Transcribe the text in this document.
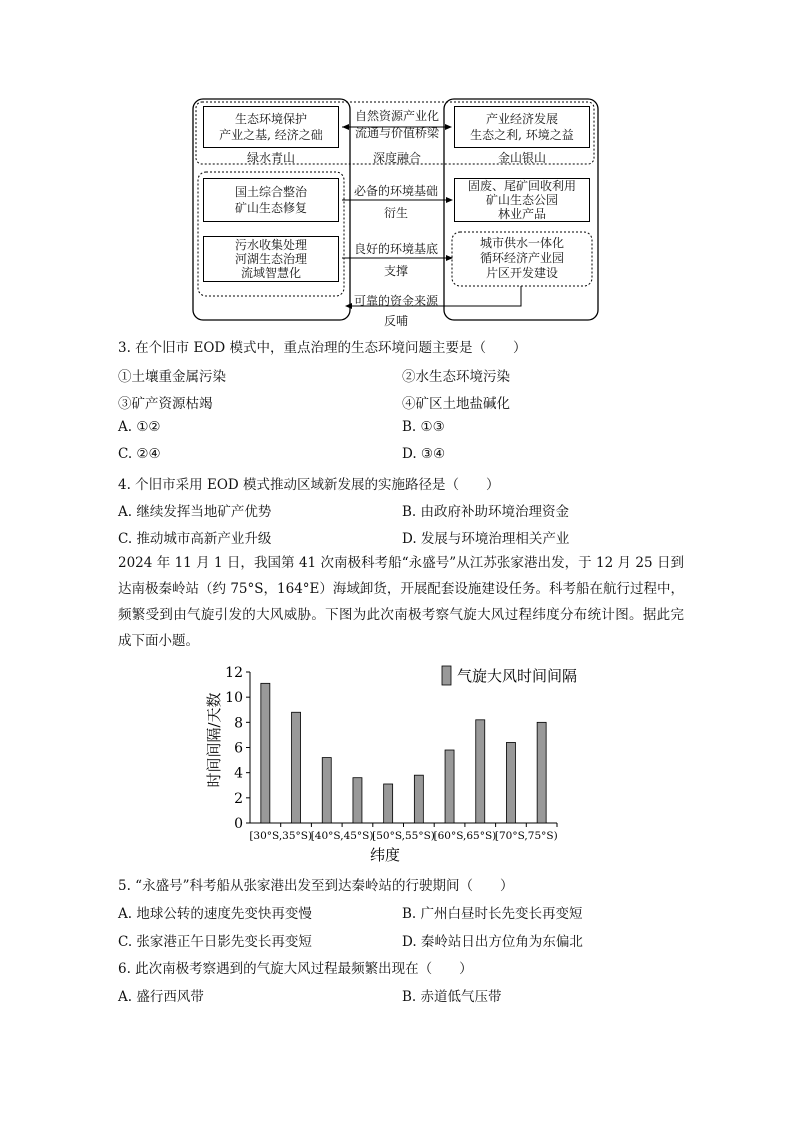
生态环境保护
产业之基, 经济之础
绿水青山
自然资源产业化
流通与价值桥梁
深度融合
产业经济发展
生态之利, 环境之益
金山银山
国土综合整治
矿山生态修复
必备的环境基础
衍生
固废、尾矿回收利用
矿山生态公园
林业产品
污水收集处理
河湖生态治理
流域智慧化
良好的环境基底
支撑
城市供水一体化
循环经济产业园
片区开发建设
可靠的资金来源
反哺
3. 在个旧市 EOD 模式中，重点治理的生态环境问题主要是（　　）
①土壤重金属污染	②水生态环境污染
③矿产资源枯竭	④矿区土地盐碱化
A. ①②	B. ①③
C. ②④	D. ③④
4. 个旧市采用 EOD 模式推动区域新发展的实施路径是（　　）
A. 继续发挥当地矿产优势	B. 由政府补助环境治理资金
C. 推动城市高新产业升级	D. 发展与环境治理相关产业
2024 年 11 月 1 日，我国第 41 次南极科考船“永盛号”从江苏张家港出发，于 12 月 25 日到达南极秦岭站（约 75°S，164°E）海域卸货，开展配套设施建设任务。科考船在航行过程中，频繁受到由气旋引发的大风威胁。下图为此次南极考察气旋大风过程纬度分布统计图。据此完成下面小题。
0
2
4
6
8
10
12
[30°S,35°S)
[40°S,45°S)
[50°S,55°S)
[60°S,65°S)
[70°S,75°S)
时间间隔/天数
纬度
气旋大风时间间隔
5. “永盛号”科考船从张家港出发至到达秦岭站的行驶期间（　　）
A. 地球公转的速度先变快再变慢	B. 广州白昼时长先变长再变短
C. 张家港正午日影先变长再变短	D. 秦岭站日出方位角为东偏北
6. 此次南极考察遇到的气旋大风过程最频繁出现在（　　）
A. 盛行西风带	B. 赤道低气压带
